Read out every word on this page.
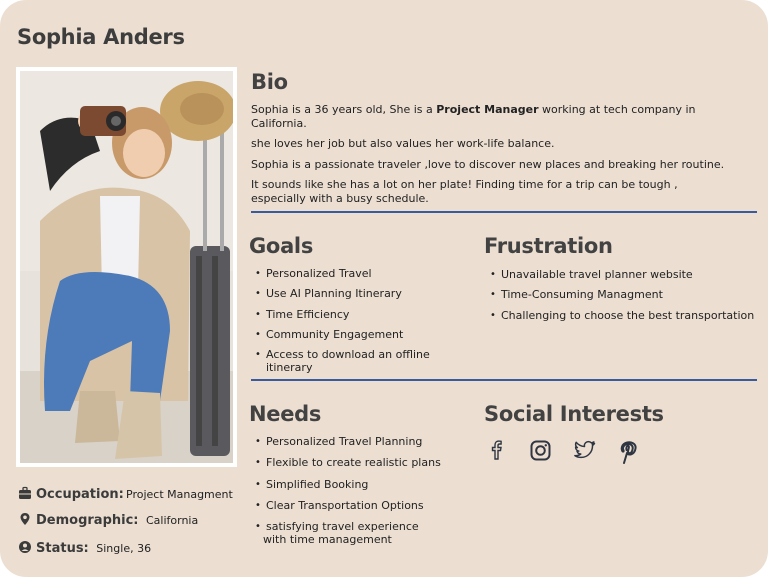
Sophia Anders
Occupation: Project Managment
Demographic: California
Status: Single, 36
Bio

Sophia is a 36 years old, She is a Project Manager working at tech company in California.

she loves her job but also values her work-life balance.

Sophia is a passionate traveler ,love to discover new places and breaking her routine.

It sounds like she has a lot on her plate! Finding time for a trip can be tough ,

especially with a busy schedule.

Goals
• Personalized Travel
• Use AI Planning Itinerary
• Time Efficiency
• Community Engagement
• Access to download an offline itinerary
Frustration
• Unavailable travel planner website
• Time-Consuming Managment
• Challenging to choose the best transportation
Needs
• Personalized Travel Planning
• Flexible to create realistic plans
• Simplified Booking
• Clear Transportation Options
• satisfying travel experience
with time management
Social Interests
